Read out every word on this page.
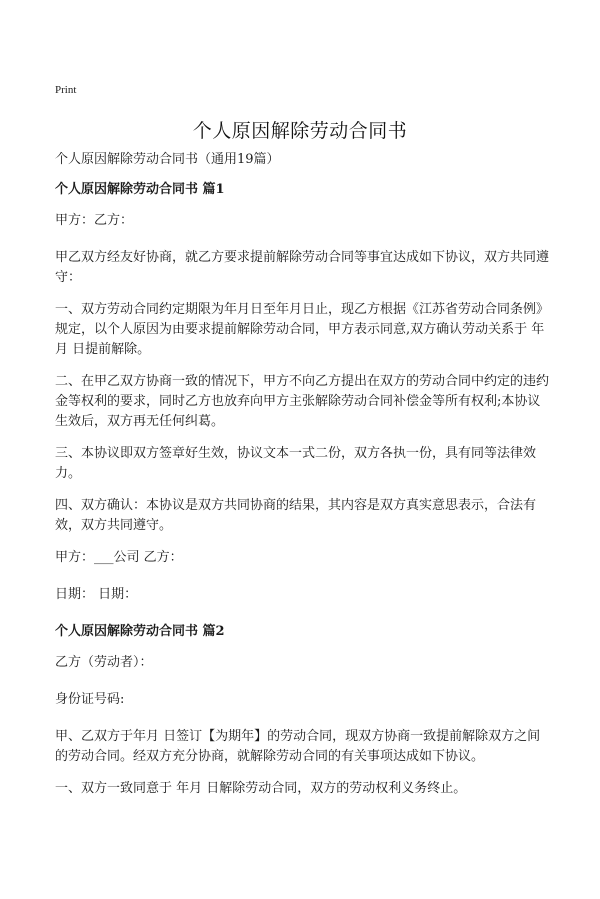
Print
个人原因解除劳动合同书

个人原因解除劳动合同书（通用19篇）

个人原因解除劳动合同书 篇1

甲方：乙方：

甲乙双方经友好协商，就乙方要求提前解除劳动合同等事宜达成如下协议，双方共同遵守：

一、双方劳动合同约定期限为年月日至年月日止，现乙方根据《江苏省劳动合同条例》规定，以个人原因为由要求提前解除劳动合同，甲方表示同意,双方确认劳动关系于 年 月 日提前解除。

二、在甲乙双方协商一致的情况下，甲方不向乙方提出在双方的劳动合同中约定的违约金等权利的要求，同时乙方也放弃向甲方主张解除劳动合同补偿金等所有权利;本协议生效后，双方再无任何纠葛。

三、本协议即双方签章好生效，协议文本一式二份，双方各执一份，具有同等法律效力。

四、双方确认：本协议是双方共同协商的结果，其内容是双方真实意思表示，合法有效，双方共同遵守。

甲方：___公司 乙方：

日期： 日期：

个人原因解除劳动合同书 篇2

乙方（劳动者）：

身份证号码:

甲、乙双方于年月 日签订【为期年】的劳动合同，现双方协商一致提前解除双方之间的劳动合同。经双方充分协商，就解除劳动合同的有关事项达成如下协议。

一、双方一致同意于 年月 日解除劳动合同，双方的劳动权利义务终止。
